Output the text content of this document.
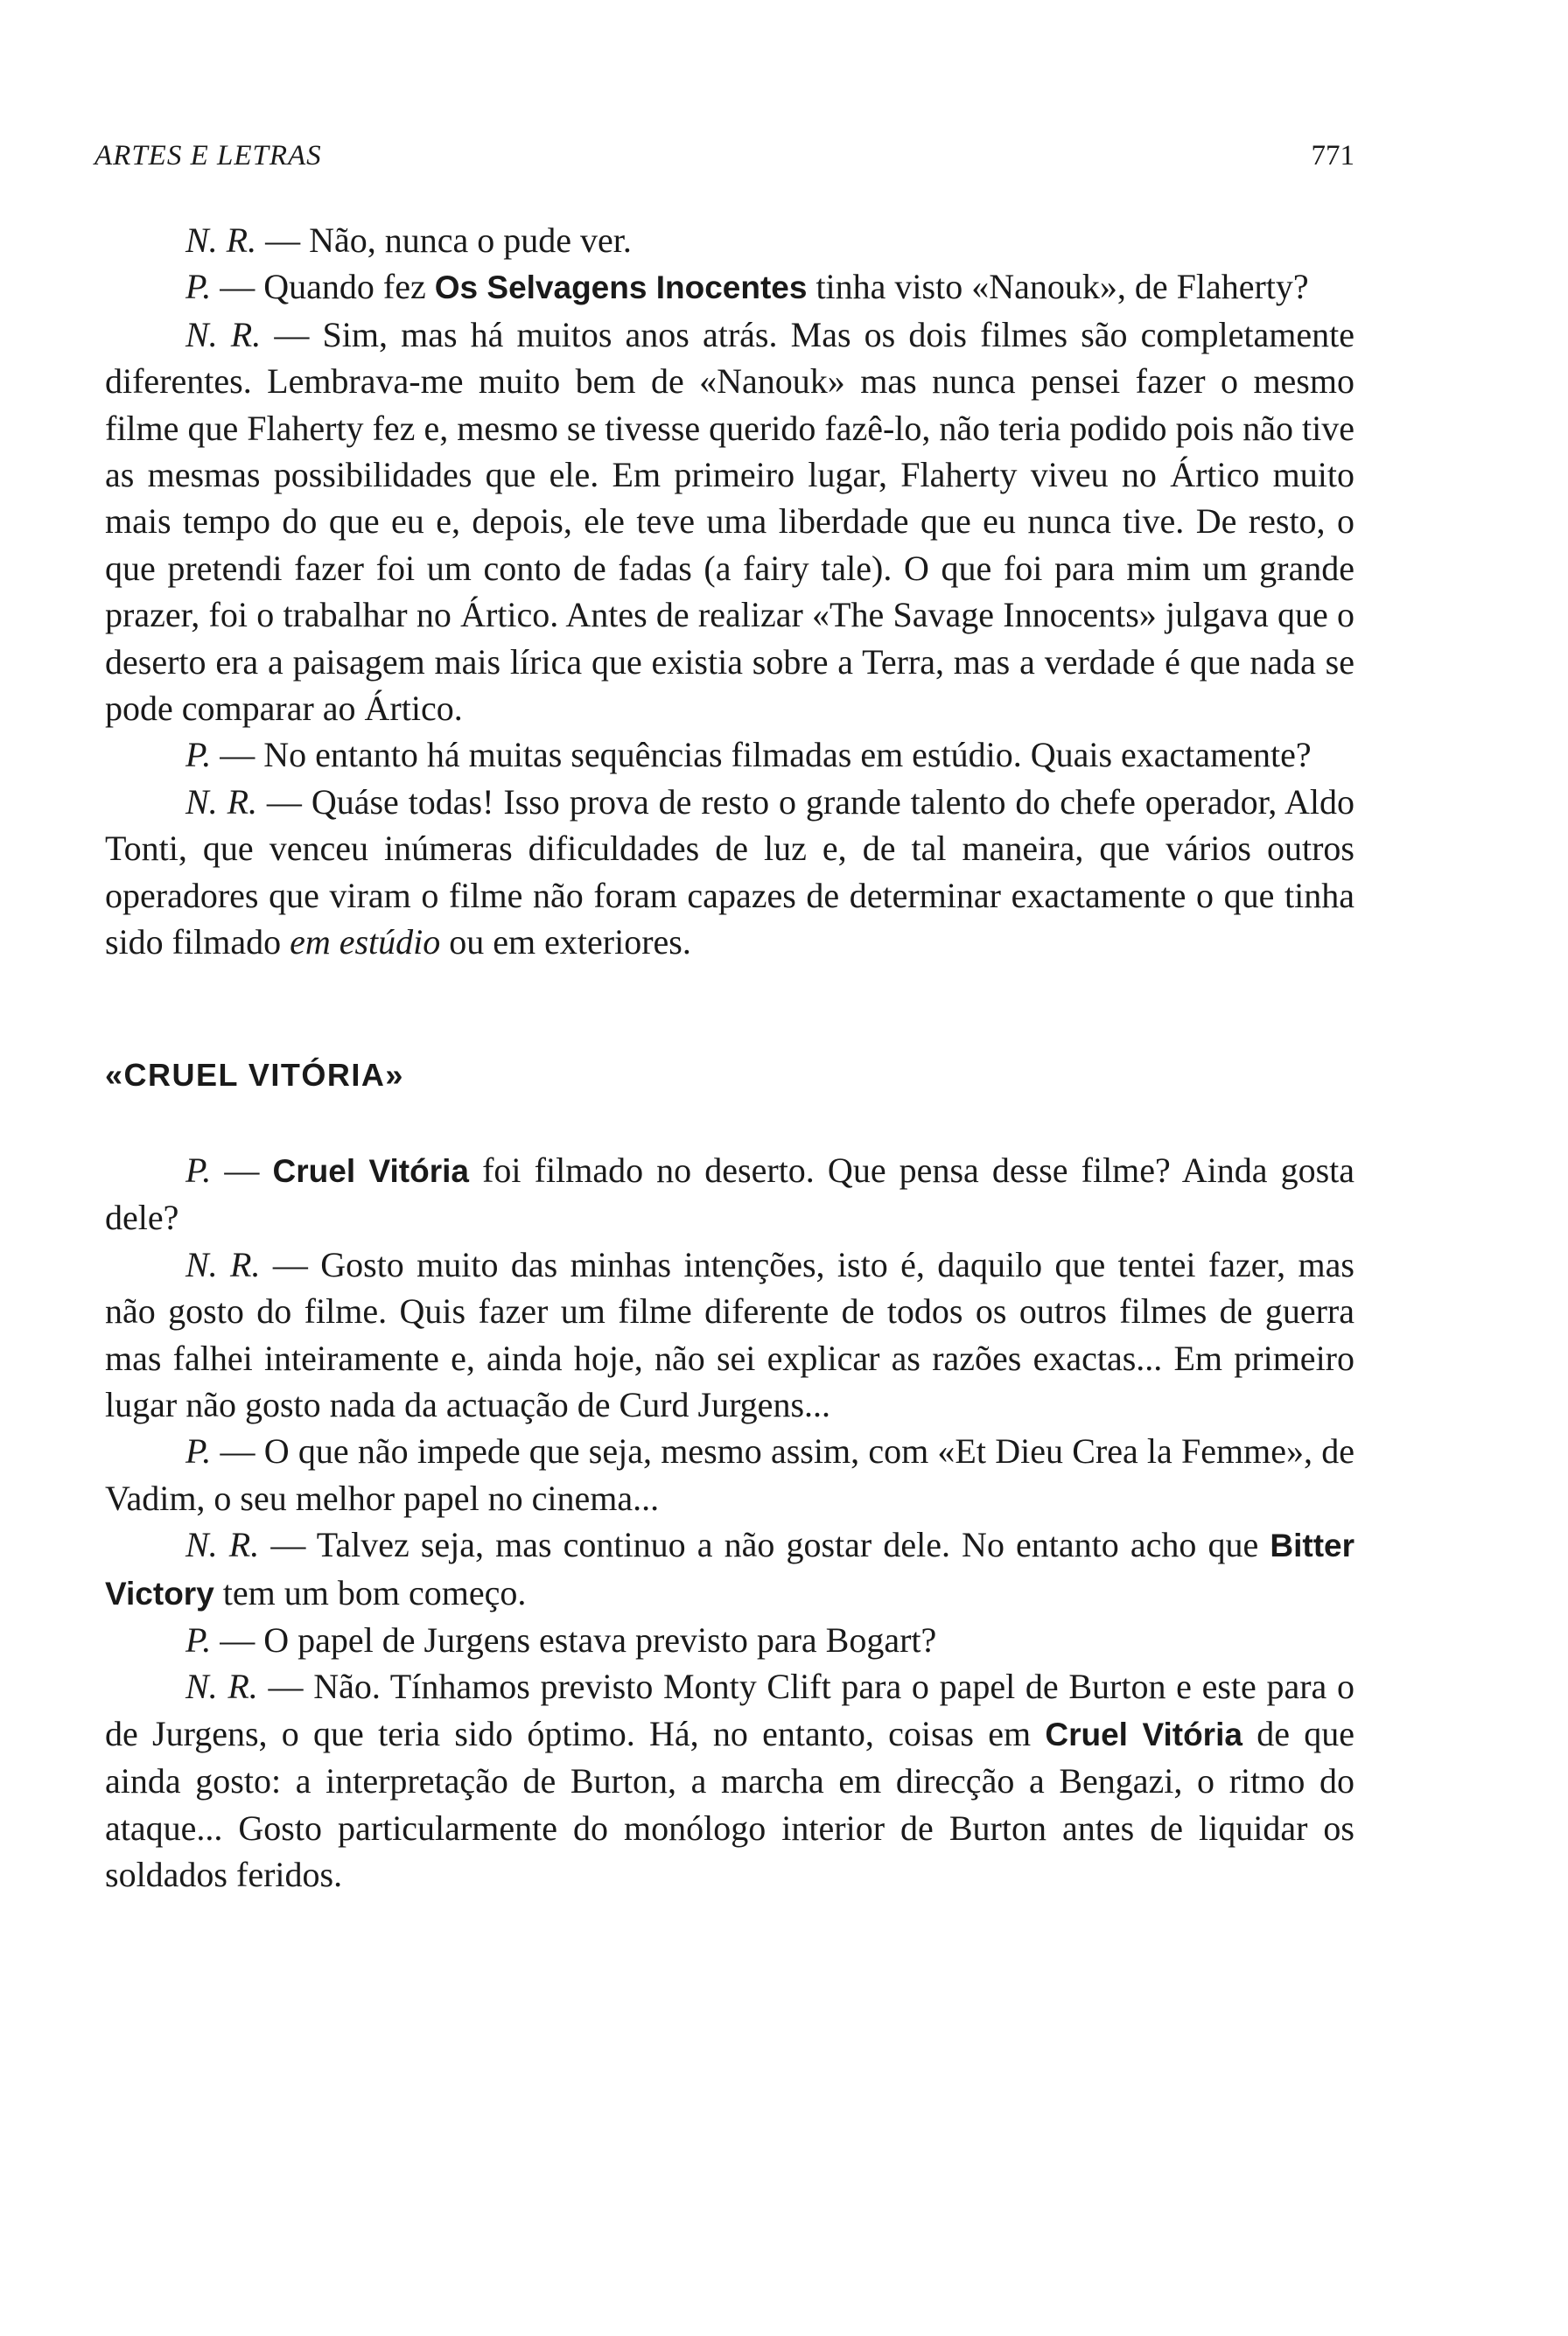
ARTES E LETRAS	771

N. R. — Não, nunca o pude ver.

P. — Quando fez Os Selvagens Inocentes tinha visto «Nanouk», de Flaherty?

N. R. — Sim, mas há muitos anos atrás. Mas os dois filmes são completamente diferentes. Lembrava-me muito bem de «Nanouk» mas nunca pensei fazer o mesmo filme que Flaherty fez e, mesmo se tivesse querido fazê-lo, não teria podido pois não tive as mesmas possibilidades que ele. Em primeiro lugar, Flaherty viveu no Ártico muito mais tempo do que eu e, depois, ele teve uma liberdade que eu nunca tive. De resto, o que pretendi fazer foi um conto de fadas (a fairy tale). O que foi para mim um grande prazer, foi o trabalhar no Ártico. Antes de realizar «The Savage Innocents» julgava que o deserto era a paisagem mais lírica que existia sobre a Terra, mas a verdade é que nada se pode comparar ao Ártico.

P. — No entanto há muitas sequências filmadas em estúdio. Quais exactamente?

N. R. — Quáse todas! Isso prova de resto o grande talento do chefe operador, Aldo Tonti, que venceu inúmeras dificuldades de luz e, de tal maneira, que vários outros operadores que viram o filme não foram capazes de determinar exactamente o que tinha sido filmado em estúdio ou em exteriores.

«CRUEL VITÓRIA»

P. — Cruel Vitória foi filmado no deserto. Que pensa desse filme? Ainda gosta dele?

N. R. — Gosto muito das minhas intenções, isto é, daquilo que tentei fazer, mas não gosto do filme. Quis fazer um filme diferente de todos os outros filmes de guerra mas falhei inteiramente e, ainda hoje, não sei explicar as razões exactas... Em primeiro lugar não gosto nada da actuação de Curd Jurgens...

P. — O que não impede que seja, mesmo assim, com «Et Dieu Crea la Femme», de Vadim, o seu melhor papel no cinema...

N. R. — Talvez seja, mas continuo a não gostar dele. No entanto acho que Bitter Victory tem um bom começo.

P. — O papel de Jurgens estava previsto para Bogart?

N. R. — Não. Tínhamos previsto Monty Clift para o papel de Burton e este para o de Jurgens, o que teria sido óptimo. Há, no entanto, coisas em Cruel Vitória de que ainda gosto: a interpretação de Burton, a marcha em direcção a Bengazi, o ritmo do ataque... Gosto particularmente do monólogo interior de Burton antes de liquidar os soldados feridos.
